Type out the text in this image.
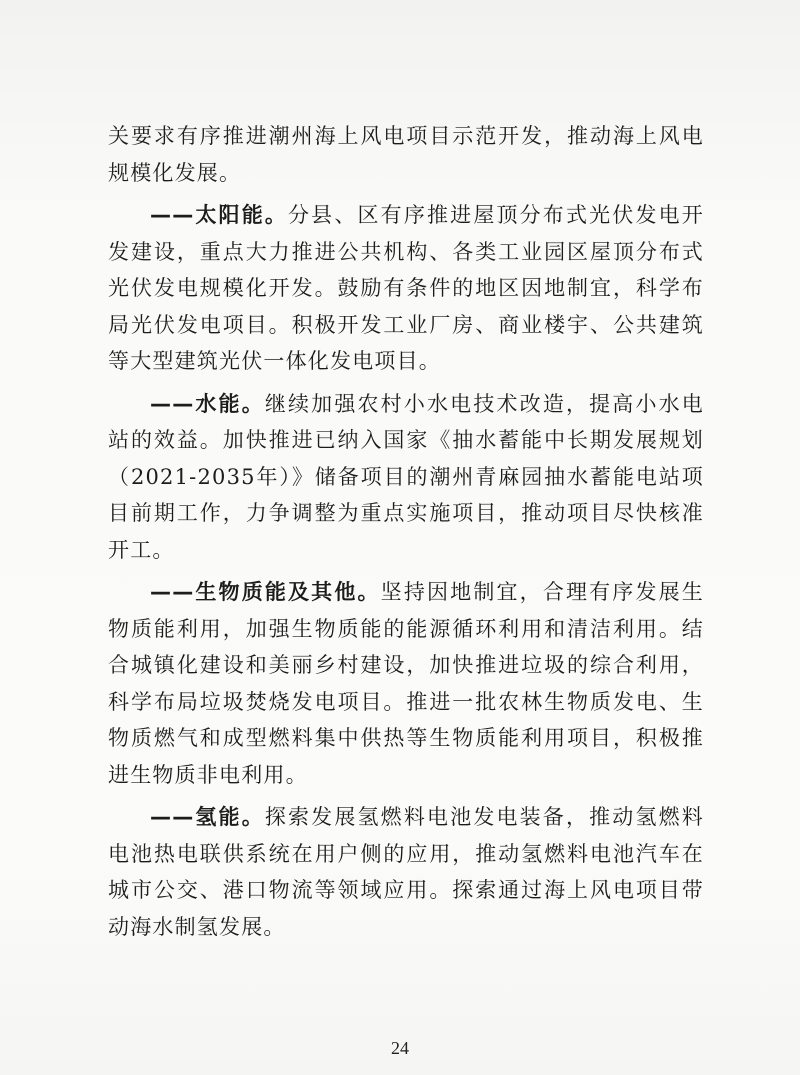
关要求有序推进潮州海上风电项目示范开发，推动海上风电规模化发展。

——太阳能。分县、区有序推进屋顶分布式光伏发电开发建设，重点大力推进公共机构、各类工业园区屋顶分布式光伏发电规模化开发。鼓励有条件的地区因地制宜，科学布局光伏发电项目。积极开发工业厂房、商业楼宇、公共建筑等大型建筑光伏一体化发电项目。

——水能。继续加强农村小水电技术改造，提高小水电站的效益。加快推进已纳入国家《抽水蓄能中长期发展规划（2021-2035年）》储备项目的潮州青麻园抽水蓄能电站项目前期工作，力争调整为重点实施项目，推动项目尽快核准开工。

——生物质能及其他。坚持因地制宜，合理有序发展生物质能利用，加强生物质能的能源循环利用和清洁利用。结合城镇化建设和美丽乡村建设，加快推进垃圾的综合利用，科学布局垃圾焚烧发电项目。推进一批农林生物质发电、生物质燃气和成型燃料集中供热等生物质能利用项目，积极推进生物质非电利用。

——氢能。探索发展氢燃料电池发电装备，推动氢燃料电池热电联供系统在用户侧的应用，推动氢燃料电池汽车在城市公交、港口物流等领域应用。探索通过海上风电项目带动海水制氢发展。

24
